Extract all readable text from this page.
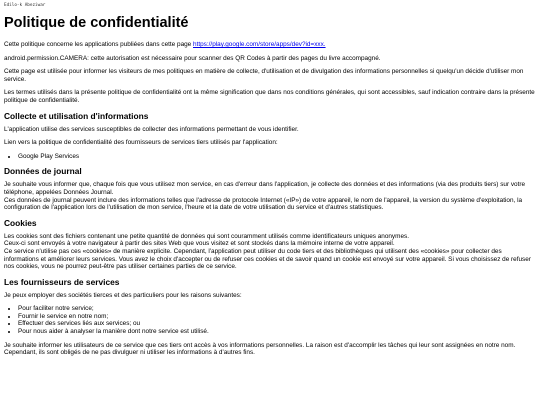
Edilo-k Abeziwar
Politique de confidentialité

Cette politique concerne les applications publiées dans cette page https://play.google.com/store/apps/dev?id=xxx.

android.permission.CAMERA: cette autorisation est nécessaire pour scanner des QR Codes à partir des pages du livre accompagné.

Cette page est utilisée pour informer les visiteurs de mes politiques en matière de collecte, d'utilisation et de divulgation des informations personnelles si quelqu'un décide d'utiliser mon service.

Les termes utilisés dans la présente politique de confidentialité ont la même signification que dans nos conditions générales, qui sont accessibles, sauf indication contraire dans la présente politique de confidentialité.

Collecte et utilisation d'informations

L'application utilise des services susceptibles de collecter des informations permettant de vous identifier.

Lien vers la politique de confidentialité des fournisseurs de services tiers utilisés par l'application:

• Google Play Services
Données de journal

Je souhaite vous informer que, chaque fois que vous utilisez mon service, en cas d'erreur dans l'application, je collecte des données et des informations (via des produits tiers) sur votre téléphone, appelées Données Journal.
Ces données de journal peuvent inclure des informations telles que l'adresse de protocole Internet («IP») de votre appareil, le nom de l'appareil, la version du système d'exploitation, la configuration de l'application lors de l'utilisation de mon service, l'heure et la date de votre utilisation du service et d'autres statistiques.

Cookies

Les cookies sont des fichiers contenant une petite quantité de données qui sont couramment utilisés comme identificateurs uniques anonymes.
Ceux-ci sont envoyés à votre navigateur à partir des sites Web que vous visitez et sont stockés dans la mémoire interne de votre appareil.
Ce service n'utilise pas ces «cookies» de manière explicite. Cependant, l'application peut utiliser du code tiers et des bibliothèques qui utilisent des «cookies» pour collecter des informations et améliorer leurs services. Vous avez le choix d'accepter ou de refuser ces cookies et de savoir quand un cookie est envoyé sur votre appareil. Si vous choisissez de refuser nos cookies, vous ne pourrez peut-être pas utiliser certaines parties de ce service.

Les fournisseurs de services

Je peux employer des sociétés tierces et des particuliers pour les raisons suivantes:

• Pour faciliter notre service;
• Fournir le service en notre nom;
• Effectuer des services liés aux services; ou
• Pour nous aider à analyser la manière dont notre service est utilisé.

Je souhaite informer les utilisateurs de ce service que ces tiers ont accès à vos informations personnelles. La raison est d'accomplir les tâches qui leur sont assignées en notre nom. Cependant, ils sont obligés de ne pas divulguer ni utiliser les informations à d'autres fins.
